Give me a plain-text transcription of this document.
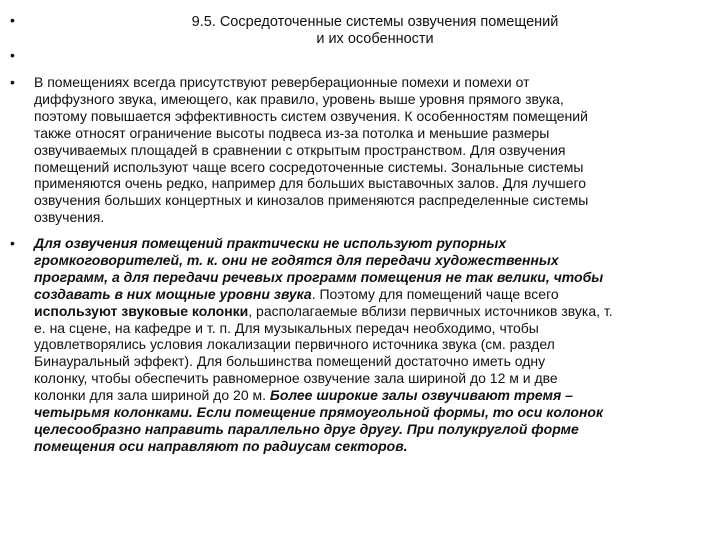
•
•
•
•
9.5. Сосредоточенные системы озвучения помещений
и их особенности
В помещениях всегда присутствуют реверберационные помехи и помехи от
диффузного звука, имеющего, как правило, уровень выше уровня прямого звука,
поэтому повышается эффективность систем озвучения. К особенностям помещений
также относят ограничение высоты подвеса из-за потолка и меньшие размеры
озвучиваемых площадей в сравнении с открытым пространством. Для озвучения
помещений используют чаще всего сосредоточенные системы. Зональные системы
применяются очень редко, например для больших выставочных залов. Для лучшего
озвучения больших концертных и кинозалов применяются распределенные системы
озвучения.
Для озвучения помещений практически не используют рупорных
громкоговорителей, т. к. они не годятся для передачи художественных
программ, а для передачи речевых программ помещения не так велики, чтобы
создавать в них мощные уровни звука. Поэтому для помещений чаще всего
используют звуковые колонки, располагаемые вблизи первичных источников звука, т.
е. на сцене, на кафедре и т. п. Для музыкальных передач необходимо, чтобы
удовлетворялись условия локализации первичного источника звука (см. раздел
Бинауральный эффект). Для большинства помещений достаточно иметь одну
колонку, чтобы обеспечить равномерное озвучение зала шириной до 12 м и две
колонки для зала шириной до 20 м. Более широкие залы озвучивают тремя –
четырьмя колонками. Если помещение прямоугольной формы, то оси колонок
целесообразно направить параллельно друг другу. При полукруглой форме
помещения оси направляют по радиусам секторов.
